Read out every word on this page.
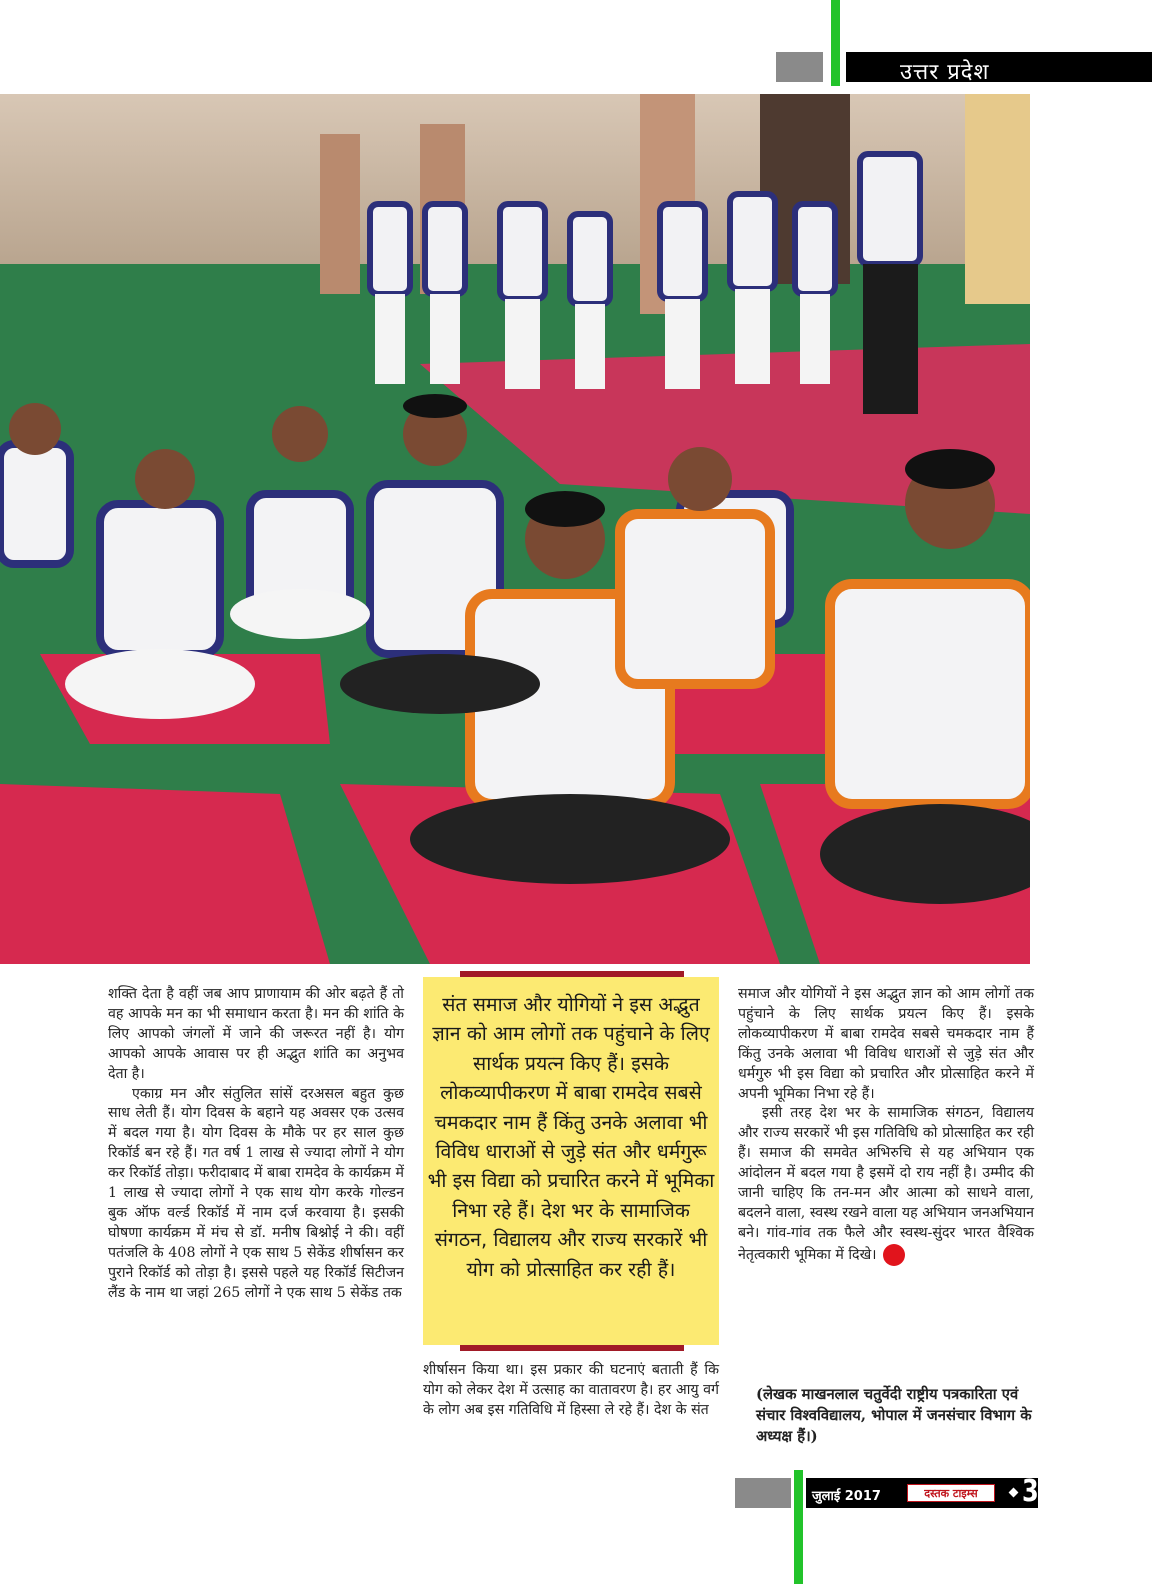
उत्तर प्रदेश

शक्ति देता है वहीं जब आप प्राणायाम की ओर बढ़ते हैं तो वह आपके मन का भी समाधान करता है। मन की शांति के लिए आपको जंगलों में जाने की जरूरत नहीं है। योग आपको आपके आवास पर ही अद्भुत शांति का अनुभव देता है।

एकाग्र मन और संतुलित सांसें दरअसल बहुत कुछ साध लेती हैं। योग दिवस के बहाने यह अवसर एक उत्सव में बदल गया है। योग दिवस के मौके पर हर साल कुछ रिकॉर्ड बन रहे हैं। गत वर्ष 1 लाख से ज्यादा लोगों ने योग कर रिकॉर्ड तोड़ा। फरीदाबाद में बाबा रामदेव के कार्यक्रम में 1 लाख से ज्यादा लोगों ने एक साथ योग करके गोल्डन बुक ऑफ वर्ल्ड रिकॉर्ड में नाम दर्ज करवाया है। इसकी घोषणा कार्यक्रम में मंच से डॉ. मनीष बिश्नोई ने की। वहीं पतंजलि के 408 लोगों ने एक साथ 5 सेकेंड शीर्षासन कर पुराने रिकॉर्ड को तोड़ा है। इससे पहले यह रिकॉर्ड सिटीजन लैंड के नाम था जहां 265 लोगों ने एक साथ 5 सेकेंड तक

संत समाज और योगियों ने इस अद्भुत ज्ञान को आम लोगों तक पहुंचाने के लिए सार्थक प्रयत्न किए हैं। इसके लोकव्यापीकरण में बाबा रामदेव सबसे चमकदार नाम हैं किंतु उनके अलावा भी विविध धाराओं से जुड़े संत और धर्मगुरू भी इस विद्या को प्रचारित करने में भूमिका निभा रहे हैं। देश भर के सामाजिक संगठन, विद्यालय और राज्य सरकारें भी योग को प्रोत्साहित कर रही हैं।

शीर्षासन किया था। इस प्रकार की घटनाएं बताती हैं कि योग को लेकर देश में उत्साह का वातावरण है। हर आयु वर्ग के लोग अब इस गतिविधि में हिस्सा ले रहे हैं। देश के संत

समाज और योगियों ने इस अद्भुत ज्ञान को आम लोगों तक पहुंचाने के लिए सार्थक प्रयत्न किए हैं। इसके लोकव्यापीकरण में बाबा रामदेव सबसे चमकदार नाम हैं किंतु उनके अलावा भी विविध धाराओं से जुड़े संत और धर्मगुरु भी इस विद्या को प्रचारित और प्रोत्साहित करने में अपनी भूमिका निभा रहे हैं।

इसी तरह देश भर के सामाजिक संगठन, विद्यालय और राज्य सरकारें भी इस गतिविधि को प्रोत्साहित कर रही हैं। समाज की समवेत अभिरुचि से यह अभियान एक आंदोलन में बदल गया है इसमें दो राय नहीं है। उम्मीद की जानी चाहिए कि तन-मन और आत्मा को साधने वाला, बदलने वाला, स्वस्थ रखने वाला यह अभियान जनअभियान बने। गांव-गांव तक फैले और स्वस्थ-सुंदर भारत वैश्विक नेतृत्वकारी भूमिका में दिखे।

(लेखक माखनलाल चतुर्वेदी राष्ट्रीय पत्रकारिता एवं संचार विश्वविद्यालय, भोपाल में जनसंचार विभाग के अध्यक्ष हैं।)
जुलाई 2017	दस्तक टाइम्स	31
